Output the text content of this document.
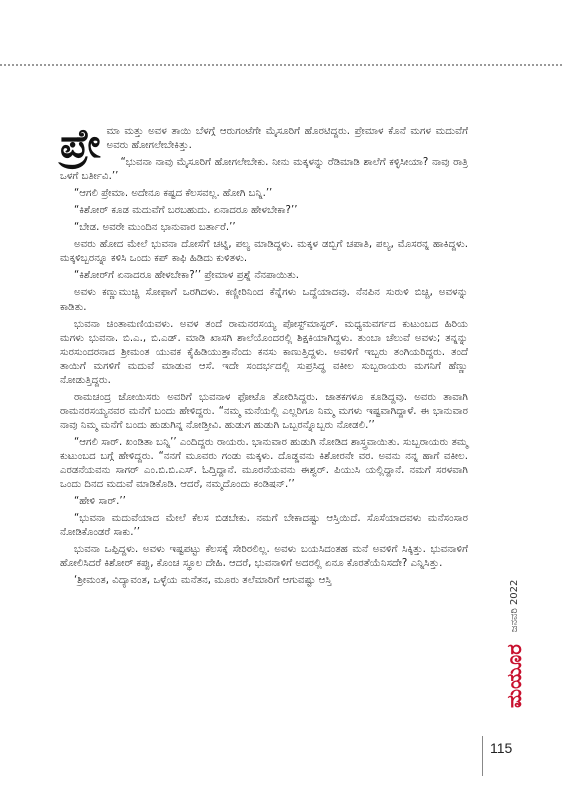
ಪ್ರೇ ಮಾ ಮತ್ತು ಅವಳ ತಾಯಿ ಬೆಳಗ್ಗೆ ಆರುಗಂಟೆಗೇ ಮೈಸೂರಿಗೆ ಹೊರಟಿದ್ದರು. ಪ್ರೇಮಾಳ ಕೊನೆ ಮಗಳ ಮದುವೆಗೆ ಅವರು ಹೋಗಲೇಬೇಕಿತ್ತು.

“ಭುವನಾ ನಾವು ಮೈಸೂರಿಗೆ ಹೋಗಲೇಬೇಕು. ನೀನು ಮಕ್ಕಳನ್ನು ರೆಡಿಮಾಡಿ ಶಾಲೆಗೆ ಕಳ್ಳಿಸೀಯಾ? ನಾವು ರಾತ್ರಿ ಒಳಗೆ ಬರ್ತೀವಿ.’’

“ಆಗಲಿ ಪ್ರೇಮಾ. ಅದೇನೂ ಕಷ್ಟದ ಕೆಲಸವಲ್ಲ. ಹೋಗಿ ಬನ್ನಿ.’’

“ಕಿಶೋರ್ ಕೂಡ ಮದುವೆಗೆ ಬರಬಹುದು. ಏನಾದರೂ ಹೇಳಬೇಕಾ?’’

“ಬೇಡ. ಅವರೇ ಮುಂದಿನ ಭಾನುವಾರ ಬರ್ತಾರೆ.’’

ಅವರು ಹೋದ ಮೇಲೆ ಭುವನಾ ದೋಸೆಗೆ ಚಟ್ನಿ, ಪಲ್ಯ ಮಾಡಿದ್ದಳು. ಮಕ್ಕಳ ಡಬ್ಬಿಗೆ ಚಪಾತಿ, ಪಲ್ಯ, ಮೊಸರನ್ನ ಹಾಕಿದ್ದಳು. ಮಕ್ಕಳಿಬ್ಬರನ್ನೂ ಕಳಿಸಿ ಒಂದು ಕಪ್ ಕಾಫಿ ಹಿಡಿದು ಕುಳಿತಳು.

“ಕಿಶೋರ್‌ಗೆ ಏನಾದರೂ ಹೇಳಬೇಕಾ?’’ ಪ್ರೇಮಾಳ ಪ್ರಶ್ನೆ ನೆನಪಾಯಿತು.

ಅವಳು ಕಣ್ಣುಮುಚ್ಚಿ ಸೋಫಾಗೆ ಒರಗಿದಳು. ಕಣ್ಣೀರಿನಿಂದ ಕೆನ್ನೆಗಳು ಒದ್ದೆಯಾದವು. ನೆನಪಿನ ಸುರುಳಿ ಬಿಚ್ಚಿ, ಅವಳನ್ನು ಕಾಡಿತು.

ಭುವನಾ ಚಿಂತಾಮಣಿಯವಳು. ಅವಳ ತಂದೆ ರಾಮನರಸಯ್ಯ ಪೋಸ್ಟ್‌ಮಾಸ್ಟರ್. ಮಧ್ಯಮವರ್ಗದ ಕುಟುಂಬದ ಹಿರಿಯ ಮಗಳು ಭುವನಾ. ಬಿ.ಎ., ಬಿ.ಎಡ್. ಮಾಡಿ ಖಾಸಗಿ ಶಾಲೆಯೊಂದರಲ್ಲಿ ಶಿಕ್ಷಕಿಯಾಗಿದ್ದಳು. ತುಂಬಾ ಚೆಲುವೆ ಅವಳು; ತನ್ನನ್ನು ಸುರಸುಂದರನಾದ ಶ್ರೀಮಂತ ಯುವಕ ಕೈಹಿಡಿಯುತ್ತಾನೆಂದು ಕನಸು ಕಾಣುತ್ತಿದ್ದಳು. ಅವಳಿಗೆ ಇಬ್ಬರು ತಂಗಿಯರಿದ್ದರು. ತಂದೆ ತಾಯಿಗೆ ಮಗಳಿಗೆ ಮದುವೆ ಮಾಡುವ ಆಸೆ. ಇದೇ ಸಂದರ್ಭದಲ್ಲಿ ಸುಪ್ರಸಿದ್ಧ ವಕೀಲ ಸುಬ್ಬರಾಯರು ಮಗನಿಗೆ ಹೆಣ್ಣು ನೋಡುತ್ತಿದ್ದರು.

ರಾಮಚಂದ್ರ ಜೋಯಿಸರು ಅವರಿಗೆ ಭುವನಾಳ ಫೋಟೊ ತೋರಿಸಿದ್ದರು. ಜಾತಕಗಳೂ ಕೂಡಿದ್ದವು. ಅವರು ತಾವಾಗಿ ರಾಮನರಸಯ್ಯನವರ ಮನೆಗೆ ಬಂದು ಹೇಳಿದ್ದರು. “ನಮ್ಮ ಮನೆಯಲ್ಲಿ ಎಲ್ಲರಿಗೂ ನಿಮ್ಮ ಮಗಳು ಇಷ್ಟವಾಗಿದ್ದಾಳೆ. ಈ ಭಾನುವಾರ ನಾವು ನಿಮ್ಮ ಮನೆಗೆ ಬಂದು ಹುಡುಗಿನ್ನ ನೋಡ್ತೀವಿ. ಹುಡುಗ ಹುಡುಗಿ ಒಬ್ಬರನ್ನೊಬ್ಬರು ನೋಡಲಿ.’’

“ಆಗಲಿ ಸಾರ್. ಖಂಡಿತಾ ಬನ್ನಿ’’ ಎಂದಿದ್ದರು ರಾಯರು. ಭಾನುವಾರ ಹುಡುಗಿ ನೋಡಿದ ಶಾಸ್ತ್ರವಾಯಿತು. ಸುಬ್ಬರಾಯರು ತಮ್ಮ ಕುಟುಂಬದ ಬಗ್ಗೆ ಹೇಳಿದ್ದರು. “ನನಗೆ ಮೂವರು ಗಂಡು ಮಕ್ಕಳು. ದೊಡ್ಡವನು ಕಿಶೋರನೇ ವರ. ಅವನು ನನ್ನ ಹಾಗೆ ವಕೀಲ. ಎರಡನೆಯವನು ಸಾಗರ್ ಎಂ.ಬಿ.ಬಿ.ಎಸ್. ಓದ್ತಿದ್ದಾನೆ. ಮೂರನೆಯವನು ಈಶ್ವರ್. ಪಿಯುಸಿ ಯಲ್ಲಿದ್ದಾನೆ. ನಮಗೆ ಸರಳವಾಗಿ ಒಂದು ದಿನದ ಮದುವೆ ಮಾಡಿಕೊಡಿ. ಆದರೆ, ನಮ್ಮದೊಂದು ಕಂಡಿಷನ್.’’

“ಹೇಳಿ ಸಾರ್.’’

“ಭುವನಾ ಮದುವೆಯಾದ ಮೇಲೆ ಕೆಲಸ ಬಿಡಬೇಕು. ನಮಗೆ ಬೇಕಾದಷ್ಟು ಆಸ್ತಿಯಿದೆ. ಸೊಸೆಯಾದವಳು ಮನೆಸಂಸಾರ ನೋಡಿಕೊಂಡರೆ ಸಾಕು.’’

ಭುವನಾ ಒಪ್ಪಿದ್ದಳು. ಅವಳು ಇಷ್ಟಪಟ್ಟು ಕೆಲಸಕ್ಕೆ ಸೇರಿರಲಿಲ್ಲ. ಅವಳು ಬಯಸಿದಂತಹ ಮನೆ ಅವಳಿಗೆ ಸಿಕ್ಕಿತ್ತು. ಭುವನಾಳಿಗೆ ಹೋಲಿಸಿದರೆ ಕಿಶೋರ್ ಕಪ್ಪು, ಕೊಂಚ ಸ್ಥೂಲ ದೇಹಿ. ಆದರೆ, ಭುವನಾಳಿಗೆ ಅದರಲ್ಲಿ ಏನೂ ಕೊರತೆಯೆನಿಸದೇ? ಎನ್ನಿಸಿತ್ತು.

‘ಶ್ರೀಮಂತ, ವಿದ್ಯಾವಂತ, ಒಳ್ಳೆಯ ಮನೆತನ, ಮೂರು ತಲೆಮಾರಿಗೆ ಆಗುವಷ್ಟು ಆಸ್ತಿ

ಮಯೂರ
ಜನವರಿ 2022
115
